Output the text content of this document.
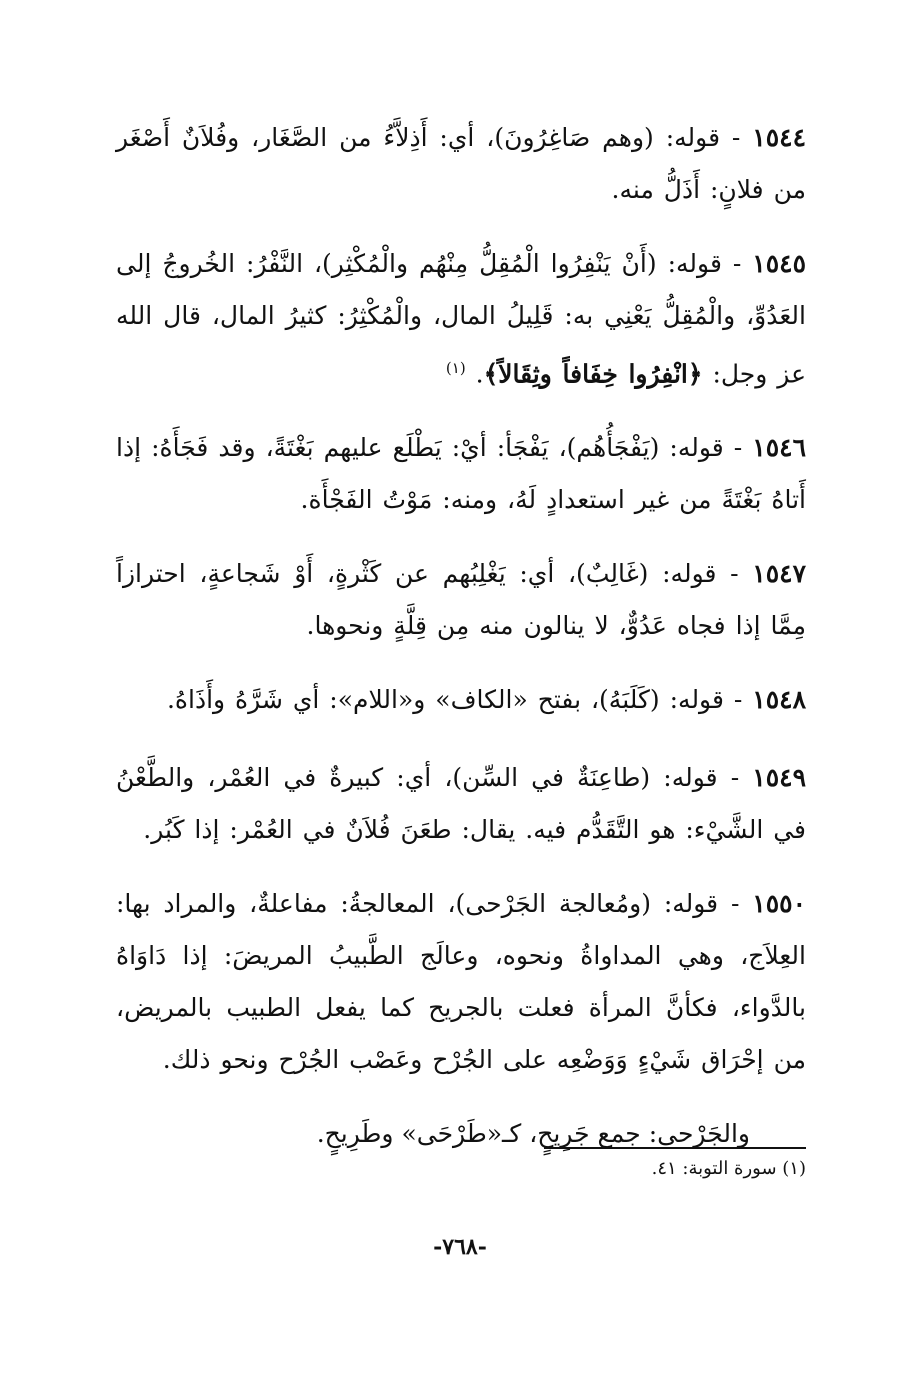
١٥٤٤ - قوله: (وهم صَاغِرُونَ)، أي: أَذِلاَّءُ من الصَّغَار، وفُلاَنٌ أَصْغَر من فلانٍ: أَذَلُّ منه.

١٥٤٥ - قوله: (أَنْ يَنْفِرُوا الْمُقِلُّ مِنْهُم والْمُكْثِر)، النَّفْرُ: الخُروجُ إلى العَدُوِّ، والْمُقِلُّ يَعْنِي به: قَلِيلُ المال، والْمُكْثِرُ: كثيرُ المال، قال الله عز وجل: ﴿انْفِرُوا خِفَافاً وثِقَالاً﴾. $^{(١)}$

١٥٤٦ - قوله: (يَفْجَأُهُم)، يَفْجَأ: أيْ: يَطْلَع عليهم بَغْتَةً، وقد فَجَأَهُ: إذا أَتاهُ بَغْتَةً من غير استعدادٍ لَهُ، ومنه: مَوْتُ الفَجْأَة.

١٥٤٧ - قوله: (غَالِبٌ)، أي: يَغْلِبُهم عن كَثْرةٍ، أَوْ شَجاعةٍ، احترازاً مِمَّا إذا فجاه عَدُوٌّ، لا ينالون منه مِن قِلَّةٍ ونحوها.

١٥٤٨ - قوله: (كَلَبَهُ)، بفتح «الكاف» و«اللام»: أي شَرَّهُ وأَذَاهُ.

١٥٤٩ - قوله: (طاعِنَةٌ في السِّن)، أي: كبيرةٌ في العُمْر، والطَّعْنُ في الشَّيْء: هو التَّقَدُّم فيه. يقال: طعَنَ فُلاَنٌ في العُمْر: إذا كَبُر.

١٥٥٠ - قوله: (ومُعالجة الجَرْحى)، المعالجةُ: مفاعلةٌ، والمراد بها: العِلاَج، وهي المداواةُ ونحوه، وعالَج الطَّبيبُ المريضَ: إذا دَاوَاهُ بالدَّواء، فكأنَّ المرأة فعلت بالجريح كما يفعل الطبيب بالمريض، من إحْرَاق شَيْءٍ وَوَضْعِه على الجُرْح وعَصْب الجُرْح ونحو ذلك.

والجَرْحى: جمع جَرِيحٍ، كـ«طَرْحَى» وطَرِيحٍ.

(١) سورة التوبة: ٤١.
-٧٦٨-
